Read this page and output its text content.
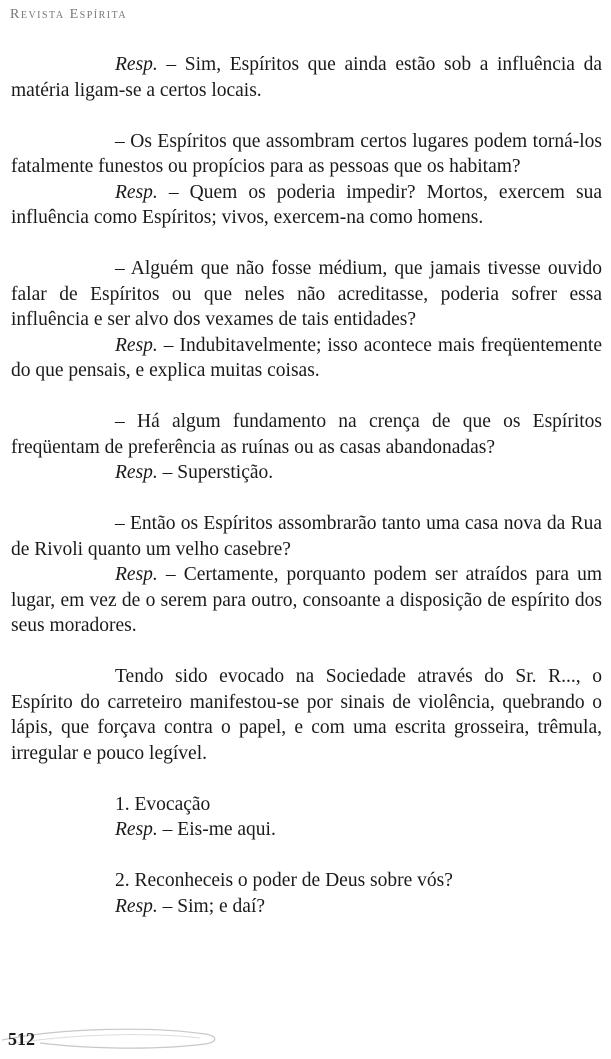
Revista Espírita

Resp. – Sim, Espíritos que ainda estão sob a influência da matéria ligam-se a certos locais.

– Os Espíritos que assombram certos lugares podem torná-los fatalmente funestos ou propícios para as pessoas que os habitam?

Resp. – Quem os poderia impedir? Mortos, exercem sua influência como Espíritos; vivos, exercem-na como homens.

– Alguém que não fosse médium, que jamais tivesse ouvido falar de Espíritos ou que neles não acreditasse, poderia sofrer essa influência e ser alvo dos vexames de tais entidades?

Resp. – Indubitavelmente; isso acontece mais freqüentemente do que pensais, e explica muitas coisas.

– Há algum fundamento na crença de que os Espíritos freqüentam de preferência as ruínas ou as casas abandonadas?

Resp. – Superstição.

– Então os Espíritos assombrarão tanto uma casa nova da Rua de Rivoli quanto um velho casebre?

Resp. – Certamente, porquanto podem ser atraídos para um lugar, em vez de o serem para outro, consoante a disposição de espírito dos seus moradores.

Tendo sido evocado na Sociedade através do Sr. R..., o Espírito do carreteiro manifestou-se por sinais de violência, quebrando o lápis, que forçava contra o papel, e com uma escrita grosseira, trêmula, irregular e pouco legível.

1. Evocação

Resp. – Eis-me aqui.

2. Reconheceis o poder de Deus sobre vós?

Resp. – Sim; e daí?

512
